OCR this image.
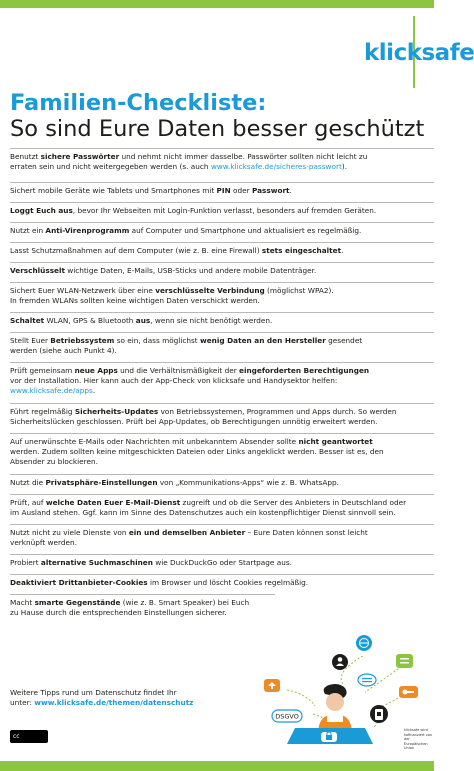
klicksafe
Familien-Checkliste:
So sind Eure Daten besser geschützt
Benutzt sichere Passwörter und nehmt nicht immer dasselbe. Passwörter sollten nicht leicht zu
erraten sein und nicht weitergegeben werden (s. auch www.klicksafe.de/sicheres-passwort).
Sichert mobile Geräte wie Tablets und Smartphones mit PIN oder Passwort.
Loggt Euch aus, bevor Ihr Webseiten mit Login-Funktion verlasst, besonders auf fremden Geräten.
Nutzt ein Anti-Virenprogramm auf Computer und Smartphone und aktualisiert es regelmäßig.
Lasst Schutzmaßnahmen auf dem Computer (wie z. B. eine Firewall) stets eingeschaltet.
Verschlüsselt wichtige Daten, E-Mails, USB-Sticks und andere mobile Datenträger.
Sichert Euer WLAN-Netzwerk über eine verschlüsselte Verbindung (möglichst WPA2).
In fremden WLANs sollten keine wichtigen Daten verschickt werden.
Schaltet WLAN, GPS & Bluetooth aus, wenn sie nicht benötigt werden.
Stellt Euer Betriebssystem so ein, dass möglichst wenig Daten an den Hersteller gesendet
werden (siehe auch Punkt 4).
Prüft gemeinsam neue Apps und die Verhältnismäßigkeit der eingeforderten Berechtigungen
vor der Installation. Hier kann auch der App-Check von klicksafe und Handysektor helfen:
www.klicksafe.de/apps.
Führt regelmäßig Sicherheits-Updates von Betriebssystemen, Programmen und Apps durch. So werden
Sicherheitslücken geschlossen. Prüft bei App-Updates, ob Berechtigungen unnötig erweitert werden.
Auf unerwünschte E-Mails oder Nachrichten mit unbekanntem Absender sollte nicht geantwortet
werden. Zudem sollten keine mitgeschickten Dateien oder Links angeklickt werden. Besser ist es, den
Absender zu blockieren.
Nutzt die Privatsphäre-Einstellungen von „Kommunikations-Apps“ wie z. B. WhatsApp.
Prüft, auf welche Daten Euer E-Mail-Dienst zugreift und ob die Server des Anbieters in Deutschland oder
im Ausland stehen. Ggf. kann im Sinne des Datenschutzes auch ein kostenpflichtiger Dienst sinnvoll sein.
Nutzt nicht zu viele Dienste von ein und demselben Anbieter – Eure Daten können sonst leicht
verknüpft werden.
Probiert alternative Suchmaschinen wie DuckDuckGo oder Startpage aus.
Deaktiviert Drittanbieter-Cookies im Browser und löscht Cookies regelmäßig.
Macht smarte Gegenstände (wie z. B. Smart Speaker) bei Euch
zu Hause durch die entsprechenden Einstellungen sicherer.
Weitere Tipps rund um Datenschutz findet Ihr
unter: www.klicksafe.de/themen/datenschutz
cc
DSGVO
klicksafe wird kofinanziert von der Europäischen Union
